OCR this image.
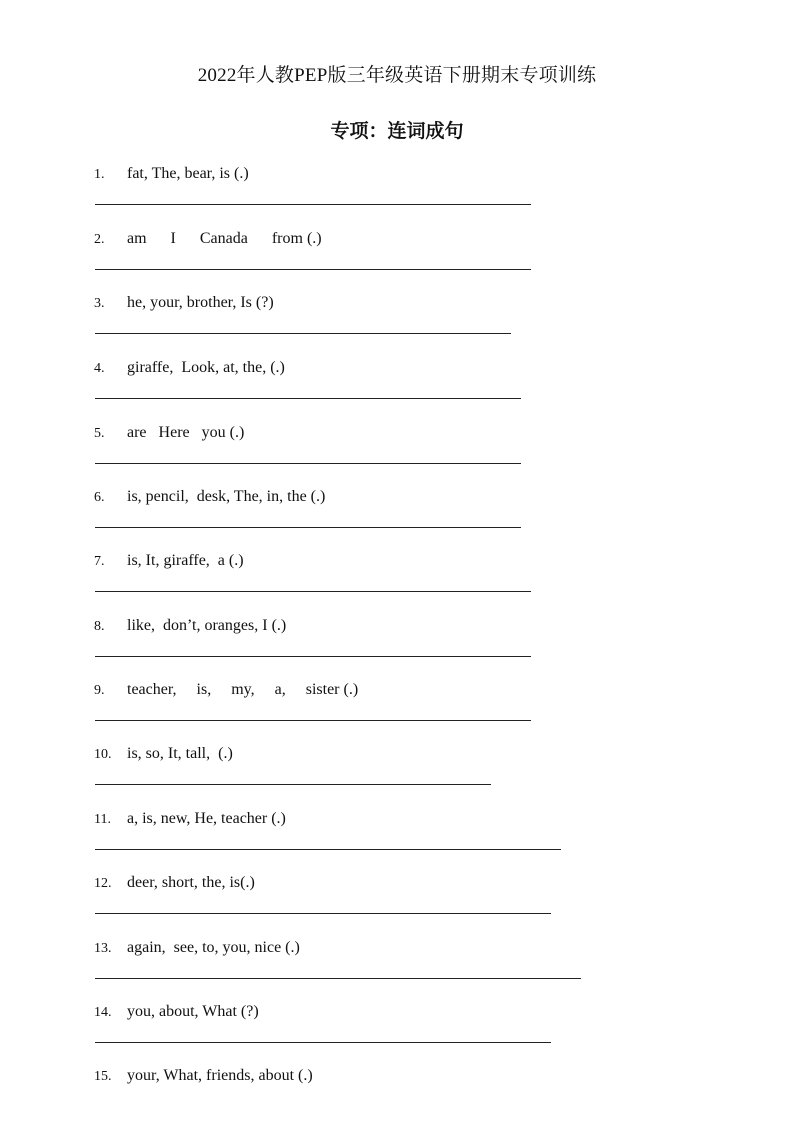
2022年人教PEP版三年级英语下册期末专项训练
专项：连词成句
1. fat, The, bear, is (.)
2. am      I      Canada      from (.)
3. he, your, brother, Is (?)
4. giraffe,  Look, at, the, (.)
5. are   Here   you (.)
6. is, pencil,  desk, The, in, the (.)
7. is, It, giraffe,  a (.)
8. like,  don’t, oranges, I (.)
9. teacher,     is,     my,     a,     sister (.)
10. is, so, It, tall,  (.)
11. a, is, new, He, teacher (.)
12. deer, short, the, is(.)
13. again,  see, to, you, nice (.)
14. you, about, What (?)
15. your, What, friends, about (.)
